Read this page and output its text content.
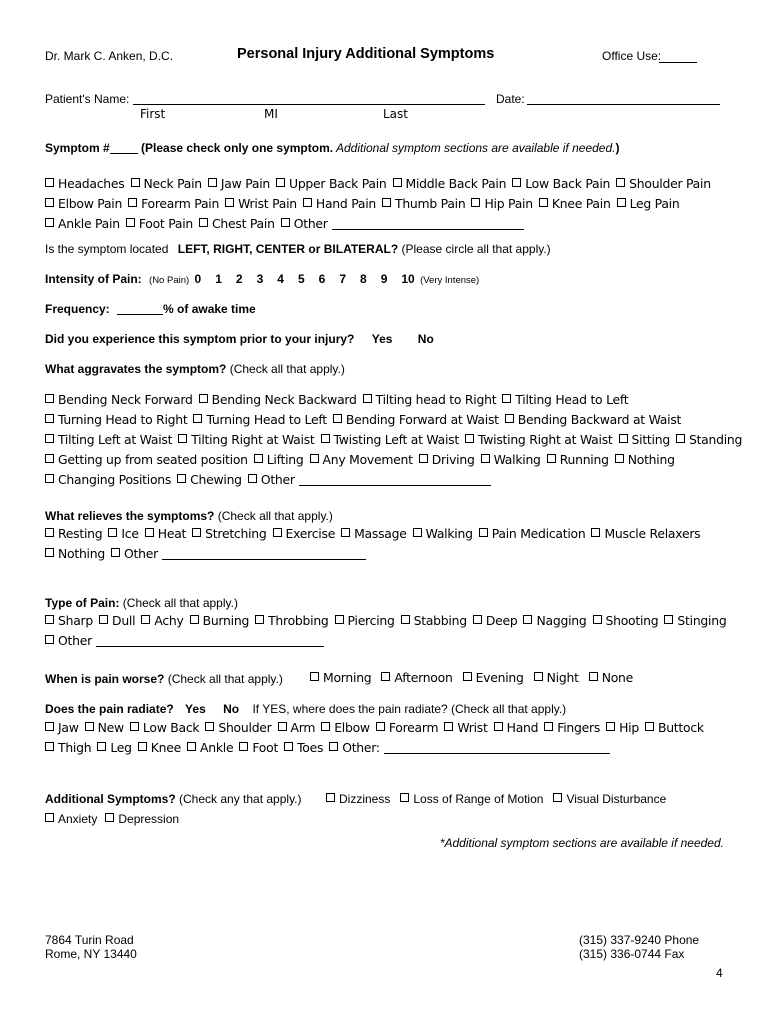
Dr. Mark C. Anken, D.C.	Personal Injury Additional Symptoms	Office Use:
Patient's Name:	Date:
First	MI	Last
Symptom # (Please check only one symptom. Additional symptom sections are available if needed.)
Headaches Neck Pain Jaw Pain Upper Back Pain Middle Back Pain Low Back Pain Shoulder Pain
Elbow Pain Forearm Pain Wrist Pain Hand Pain Thumb Pain Hip Pain Knee Pain Leg Pain
Ankle Pain Foot Pain Chest Pain Other
Is the symptom located LEFT, RIGHT, CENTER or BILATERAL? (Please circle all that apply.)
Intensity of Pain: (No Pain) 0 1 2 3 4 5 6 7 8 9 10 (Very Intense)
Frequency:	% of awake time
Did you experience this symptom prior to your injury? Yes No
What aggravates the symptom? (Check all that apply.)
Bending Neck Forward Bending Neck Backward Tilting head to Right Tilting Head to Left
Turning Head to Right Turning Head to Left Bending Forward at Waist Bending Backward at Waist
Tilting Left at Waist Tilting Right at Waist Twisting Left at Waist Twisting Right at Waist Sitting Standing
Getting up from seated position Lifting Any Movement Driving Walking Running Nothing
Changing Positions Chewing Other
What relieves the symptoms? (Check all that apply.)
Resting Ice Heat Stretching Exercise Massage Walking Pain Medication Muscle Relaxers
Nothing Other
Type of Pain: (Check all that apply.)
Sharp Dull Achy Burning Throbbing Piercing Stabbing Deep Nagging Shooting Stinging
Other
When is pain worse? (Check all that apply.)	Morning Afternoon Evening Night None
Does the pain radiate? Yes No If YES, where does the pain radiate? (Check all that apply.)
Jaw New Low Back Shoulder Arm Elbow Forearm Wrist Hand Fingers Hip Buttock
Thigh Leg Knee Ankle Foot Toes Other:
Additional Symptoms? (Check any that apply.)	Dizziness Loss of Range of Motion Visual Disturbance
Anxiety Depression
*Additional symptom sections are available if needed.
7864 Turin Road
Rome, NY 13440
(315) 337-9240 Phone
(315) 336-0744 Fax
4
